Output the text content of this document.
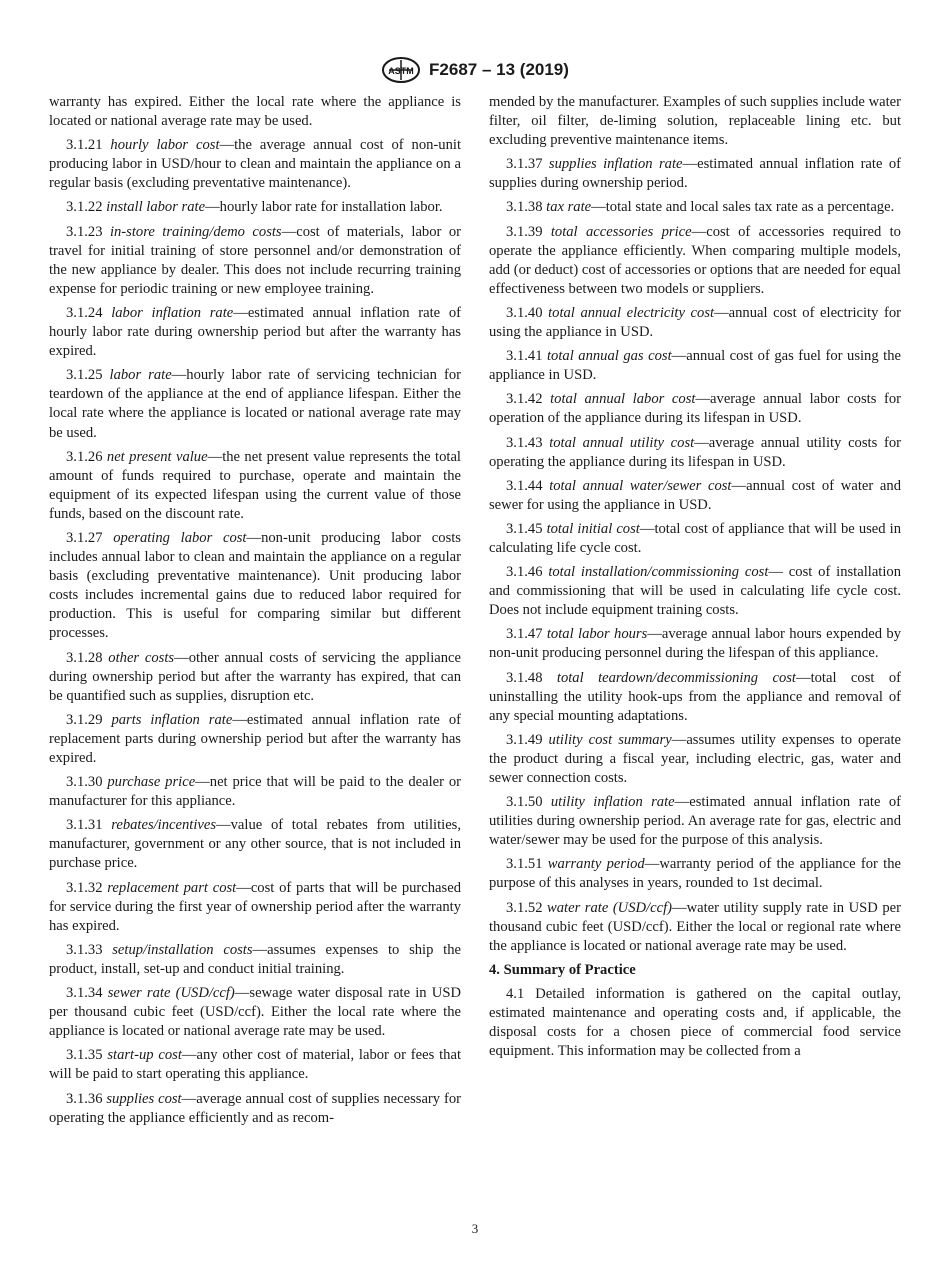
ASTM F2687 – 13 (2019)

warranty has expired. Either the local rate where the appliance is located or national average rate may be used.

3.1.21 hourly labor cost—the average annual cost of non-unit producing labor in USD/hour to clean and maintain the appliance on a regular basis (excluding preventative maintenance).

3.1.22 install labor rate—hourly labor rate for installation labor.

3.1.23 in-store training/demo costs—cost of materials, labor or travel for initial training of store personnel and/or demonstration of the new appliance by dealer. This does not include recurring training expense for periodic training or new employee training.

3.1.24 labor inflation rate—estimated annual inflation rate of hourly labor rate during ownership period but after the warranty has expired.

3.1.25 labor rate—hourly labor rate of servicing technician for teardown of the appliance at the end of appliance lifespan. Either the local rate where the appliance is located or national average rate may be used.

3.1.26 net present value—the net present value represents the total amount of funds required to purchase, operate and maintain the equipment of its expected lifespan using the current value of those funds, based on the discount rate.

3.1.27 operating labor cost—non-unit producing labor costs includes annual labor to clean and maintain the appliance on a regular basis (excluding preventative maintenance). Unit producing labor costs includes incremental gains due to reduced labor required for production. This is useful for comparing similar but different processes.

3.1.28 other costs—other annual costs of servicing the appliance during ownership period but after the warranty has expired, that can be quantified such as supplies, disruption etc.

3.1.29 parts inflation rate—estimated annual inflation rate of replacement parts during ownership period but after the warranty has expired.

3.1.30 purchase price—net price that will be paid to the dealer or manufacturer for this appliance.

3.1.31 rebates/incentives—value of total rebates from utilities, manufacturer, government or any other source, that is not included in purchase price.

3.1.32 replacement part cost—cost of parts that will be purchased for service during the first year of ownership period after the warranty has expired.

3.1.33 setup/installation costs—assumes expenses to ship the product, install, set-up and conduct initial training.

3.1.34 sewer rate (USD/ccf)—sewage water disposal rate in USD per thousand cubic feet (USD/ccf). Either the local rate where the appliance is located or national average rate may be used.

3.1.35 start-up cost—any other cost of material, labor or fees that will be paid to start operating this appliance.

3.1.36 supplies cost—average annual cost of supplies necessary for operating the appliance efficiently and as recom-

mended by the manufacturer. Examples of such supplies include water filter, oil filter, de-liming solution, replaceable lining etc. but excluding preventive maintenance items.

3.1.37 supplies inflation rate—estimated annual inflation rate of supplies during ownership period.

3.1.38 tax rate—total state and local sales tax rate as a percentage.

3.1.39 total accessories price—cost of accessories required to operate the appliance efficiently. When comparing multiple models, add (or deduct) cost of accessories or options that are needed for equal effectiveness between two models or suppliers.

3.1.40 total annual electricity cost—annual cost of electricity for using the appliance in USD.

3.1.41 total annual gas cost—annual cost of gas fuel for using the appliance in USD.

3.1.42 total annual labor cost—average annual labor costs for operation of the appliance during its lifespan in USD.

3.1.43 total annual utility cost—average annual utility costs for operating the appliance during its lifespan in USD.

3.1.44 total annual water/sewer cost—annual cost of water and sewer for using the appliance in USD.

3.1.45 total initial cost—total cost of appliance that will be used in calculating life cycle cost.

3.1.46 total installation/commissioning cost— cost of installation and commissioning that will be used in calculating life cycle cost. Does not include equipment training costs.

3.1.47 total labor hours—average annual labor hours expended by non-unit producing personnel during the lifespan of this appliance.

3.1.48 total teardown/decommissioning cost—total cost of uninstalling the utility hook-ups from the appliance and removal of any special mounting adaptations.

3.1.49 utility cost summary—assumes utility expenses to operate the product during a fiscal year, including electric, gas, water and sewer connection costs.

3.1.50 utility inflation rate—estimated annual inflation rate of utilities during ownership period. An average rate for gas, electric and water/sewer may be used for the purpose of this analysis.

3.1.51 warranty period—warranty period of the appliance for the purpose of this analyses in years, rounded to 1st decimal.

3.1.52 water rate (USD/ccf)—water utility supply rate in USD per thousand cubic feet (USD/ccf). Either the local or regional rate where the appliance is located or national average rate may be used.

4. Summary of Practice

4.1 Detailed information is gathered on the capital outlay, estimated maintenance and operating costs and, if applicable, the disposal costs for a chosen piece of commercial food service equipment. This information may be collected from a

3
